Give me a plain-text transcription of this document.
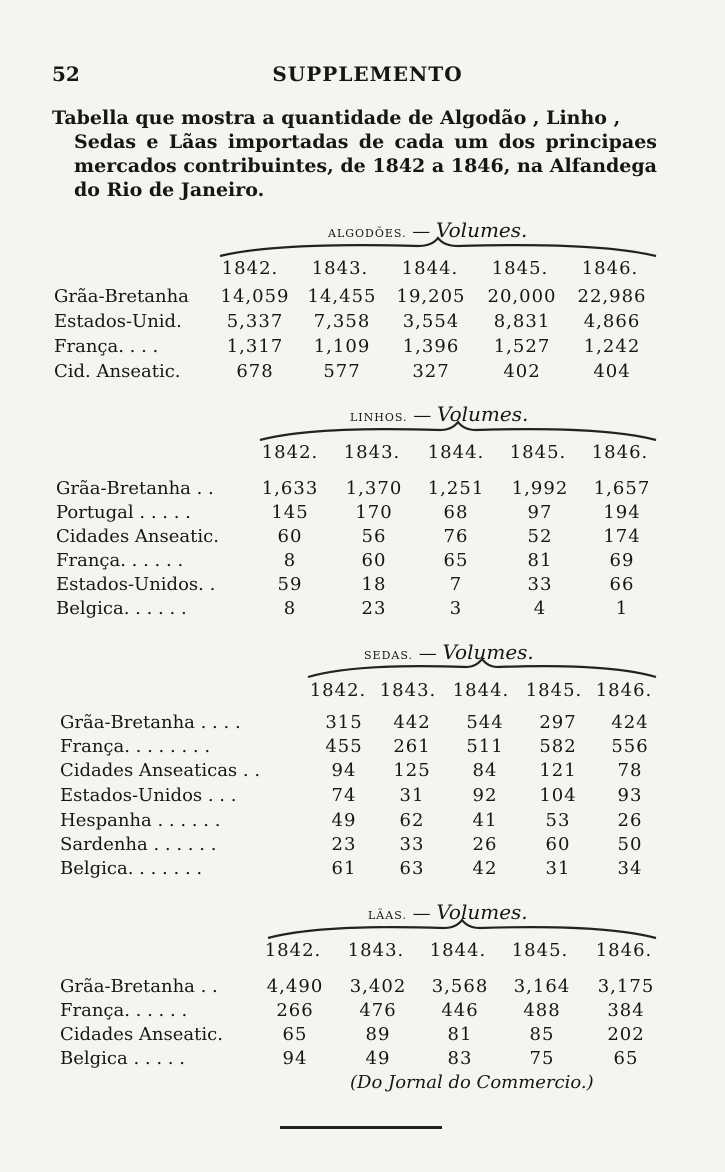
52	SUPPLEMENTO
Tabella que mostra a quantidade de Algodão , Linho ,
Sedas e Lãas importadas de cada um dos principaes mercados contribuintes, de 1842 a 1846, na Alfandega do Rio de Janeiro.
ALGODÕES. — Volumes.
1842.	1843.	1844.	1845.	1846.
Grãa-Bretanha	14,059	14,455	19,205	20,000	22,986
Estados-Unid.	5,337	7,358	3,554	8,831	4,866
França. . . .	1,317	1,109	1,396	1,527	1,242
Cid. Anseatic.	678	577	327	402	404
LINHOS. — Volumes.
1842.	1843.	1844.	1845.	1846.
Grãa-Bretanha . .	1,633	1,370	1,251	1,992	1,657
Portugal . . . . .	145	170	68	97	194
Cidades Anseatic.	60	56	76	52	174
França. . . . . .	8	60	65	81	69
Estados-Unidos. .	59	18	7	33	66
Belgica. . . . . .	8	23	3	4	1
SEDAS. — Volumes.
1842. 1843. 1844. 1845. 1846.
Grãa-Bretanha . . . .	315	442	544	297	424
França. . . . . . . .	455	261	511	582	556
Cidades Anseaticas . .	94	125	84	121	78
Estados-Unidos . . .	74	31	92	104	93
Hespanha . . . . . .	49	62	41	53	26
Sardenha . . . . . .	23	33	26	60	50
Belgica. . . . . . .	61	63	42	31	34
LÃAS. — Volumes.
1842.	1843.	1844.	1845.	1846.
Grãa-Bretanha . .	4,490	3,402	3,568	3,164	3,175
França. . . . . .	266	476	446	488	384
Cidades Anseatic.	65	89	81	85	202
Belgica . . . . .	94	49	83	75	65
(Do Jornal do Commercio.)
